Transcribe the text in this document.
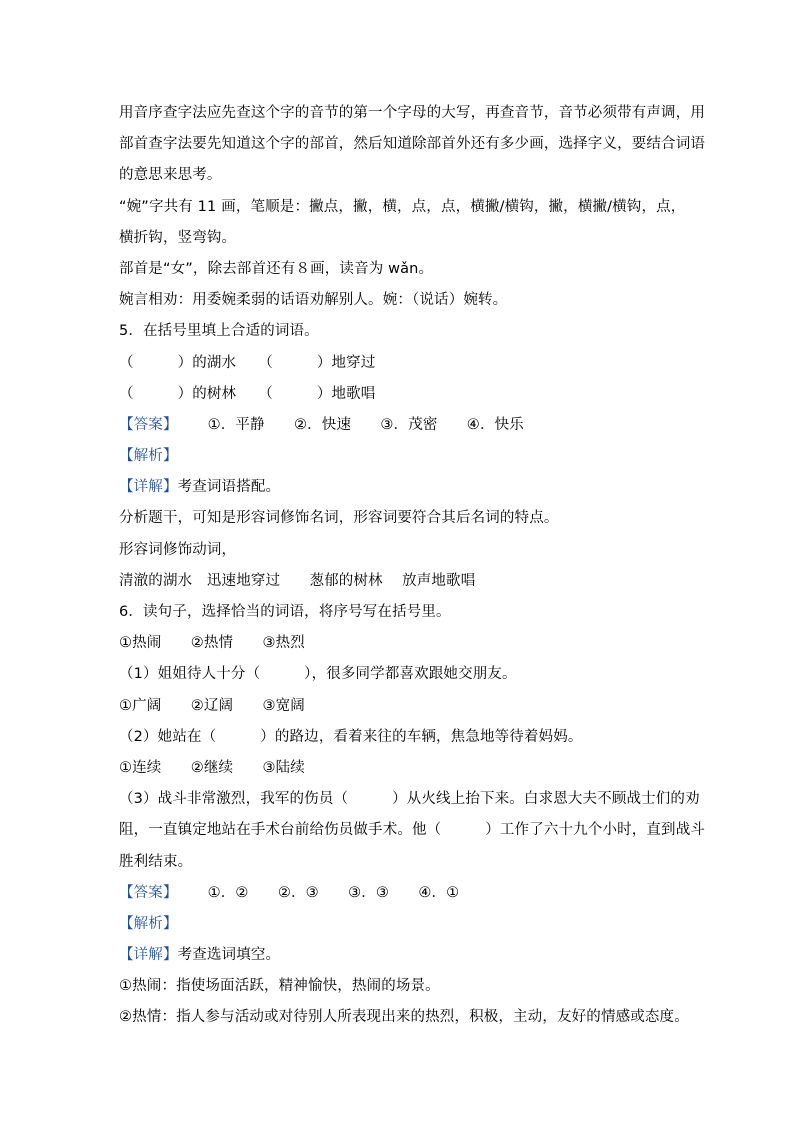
用音序查字法应先查这个字的音节的第一个字母的大写，再查音节，音节必须带有声调，用
部首查字法要先知道这个字的部首，然后知道除部首外还有多少画，选择字义，要结合词语
的意思来思考。
“婉”字共有 11 画，笔顺是：撇点，撇，横，点，点，横撇/横钩，撇，横撇/横钩，点，
横折钩，竖弯钩。
部首是“女”，除去部首还有８画，读音为 wǎn。
婉言相劝：用委婉柔弱的话语劝解别人。婉：（说话）婉转。
5．在括号里填上合适的词语。
（　　　）的湖水　　（　　　）地穿过
（　　　）的树林　　（　　　）地歌唱
【答案】 ①．平静　　②．快速　　③．茂密　　④．快乐
【解析】
【详解】考查词语搭配。
分析题干，可知是形容词修饰名词，形容词要符合其后名词的特点。
形容词修饰动词，
清澈的湖水　迅速地穿过　　葱郁的树林　 放声地歌唱
6．读句子，选择恰当的词语，将序号写在括号里。
①热闹　　②热情　　③热烈
（1）姐姐待人十分（　　　），很多同学都喜欢跟她交朋友。
①广阔　　②辽阔　　③宽阔
（2）她站在（　　　）的路边，看着来往的车辆，焦急地等待着妈妈。
①连续　　②继续　　③陆续
（3）战斗非常激烈，我军的伤员（　　　）从火线上抬下来。白求恩大夫不顾战士们的劝
阻，一直镇定地站在手术台前给伤员做手术。他（　　　）工作了六十九个小时，直到战斗
胜利结束。
【答案】 ①．②　　②．③　　③．③　　④．①
【解析】
【详解】考查选词填空。
①热闹：指使场面活跃，精神愉快，热闹的场景。
②热情：指人参与活动或对待别人所表现出来的热烈，积极，主动，友好的情感或态度。
